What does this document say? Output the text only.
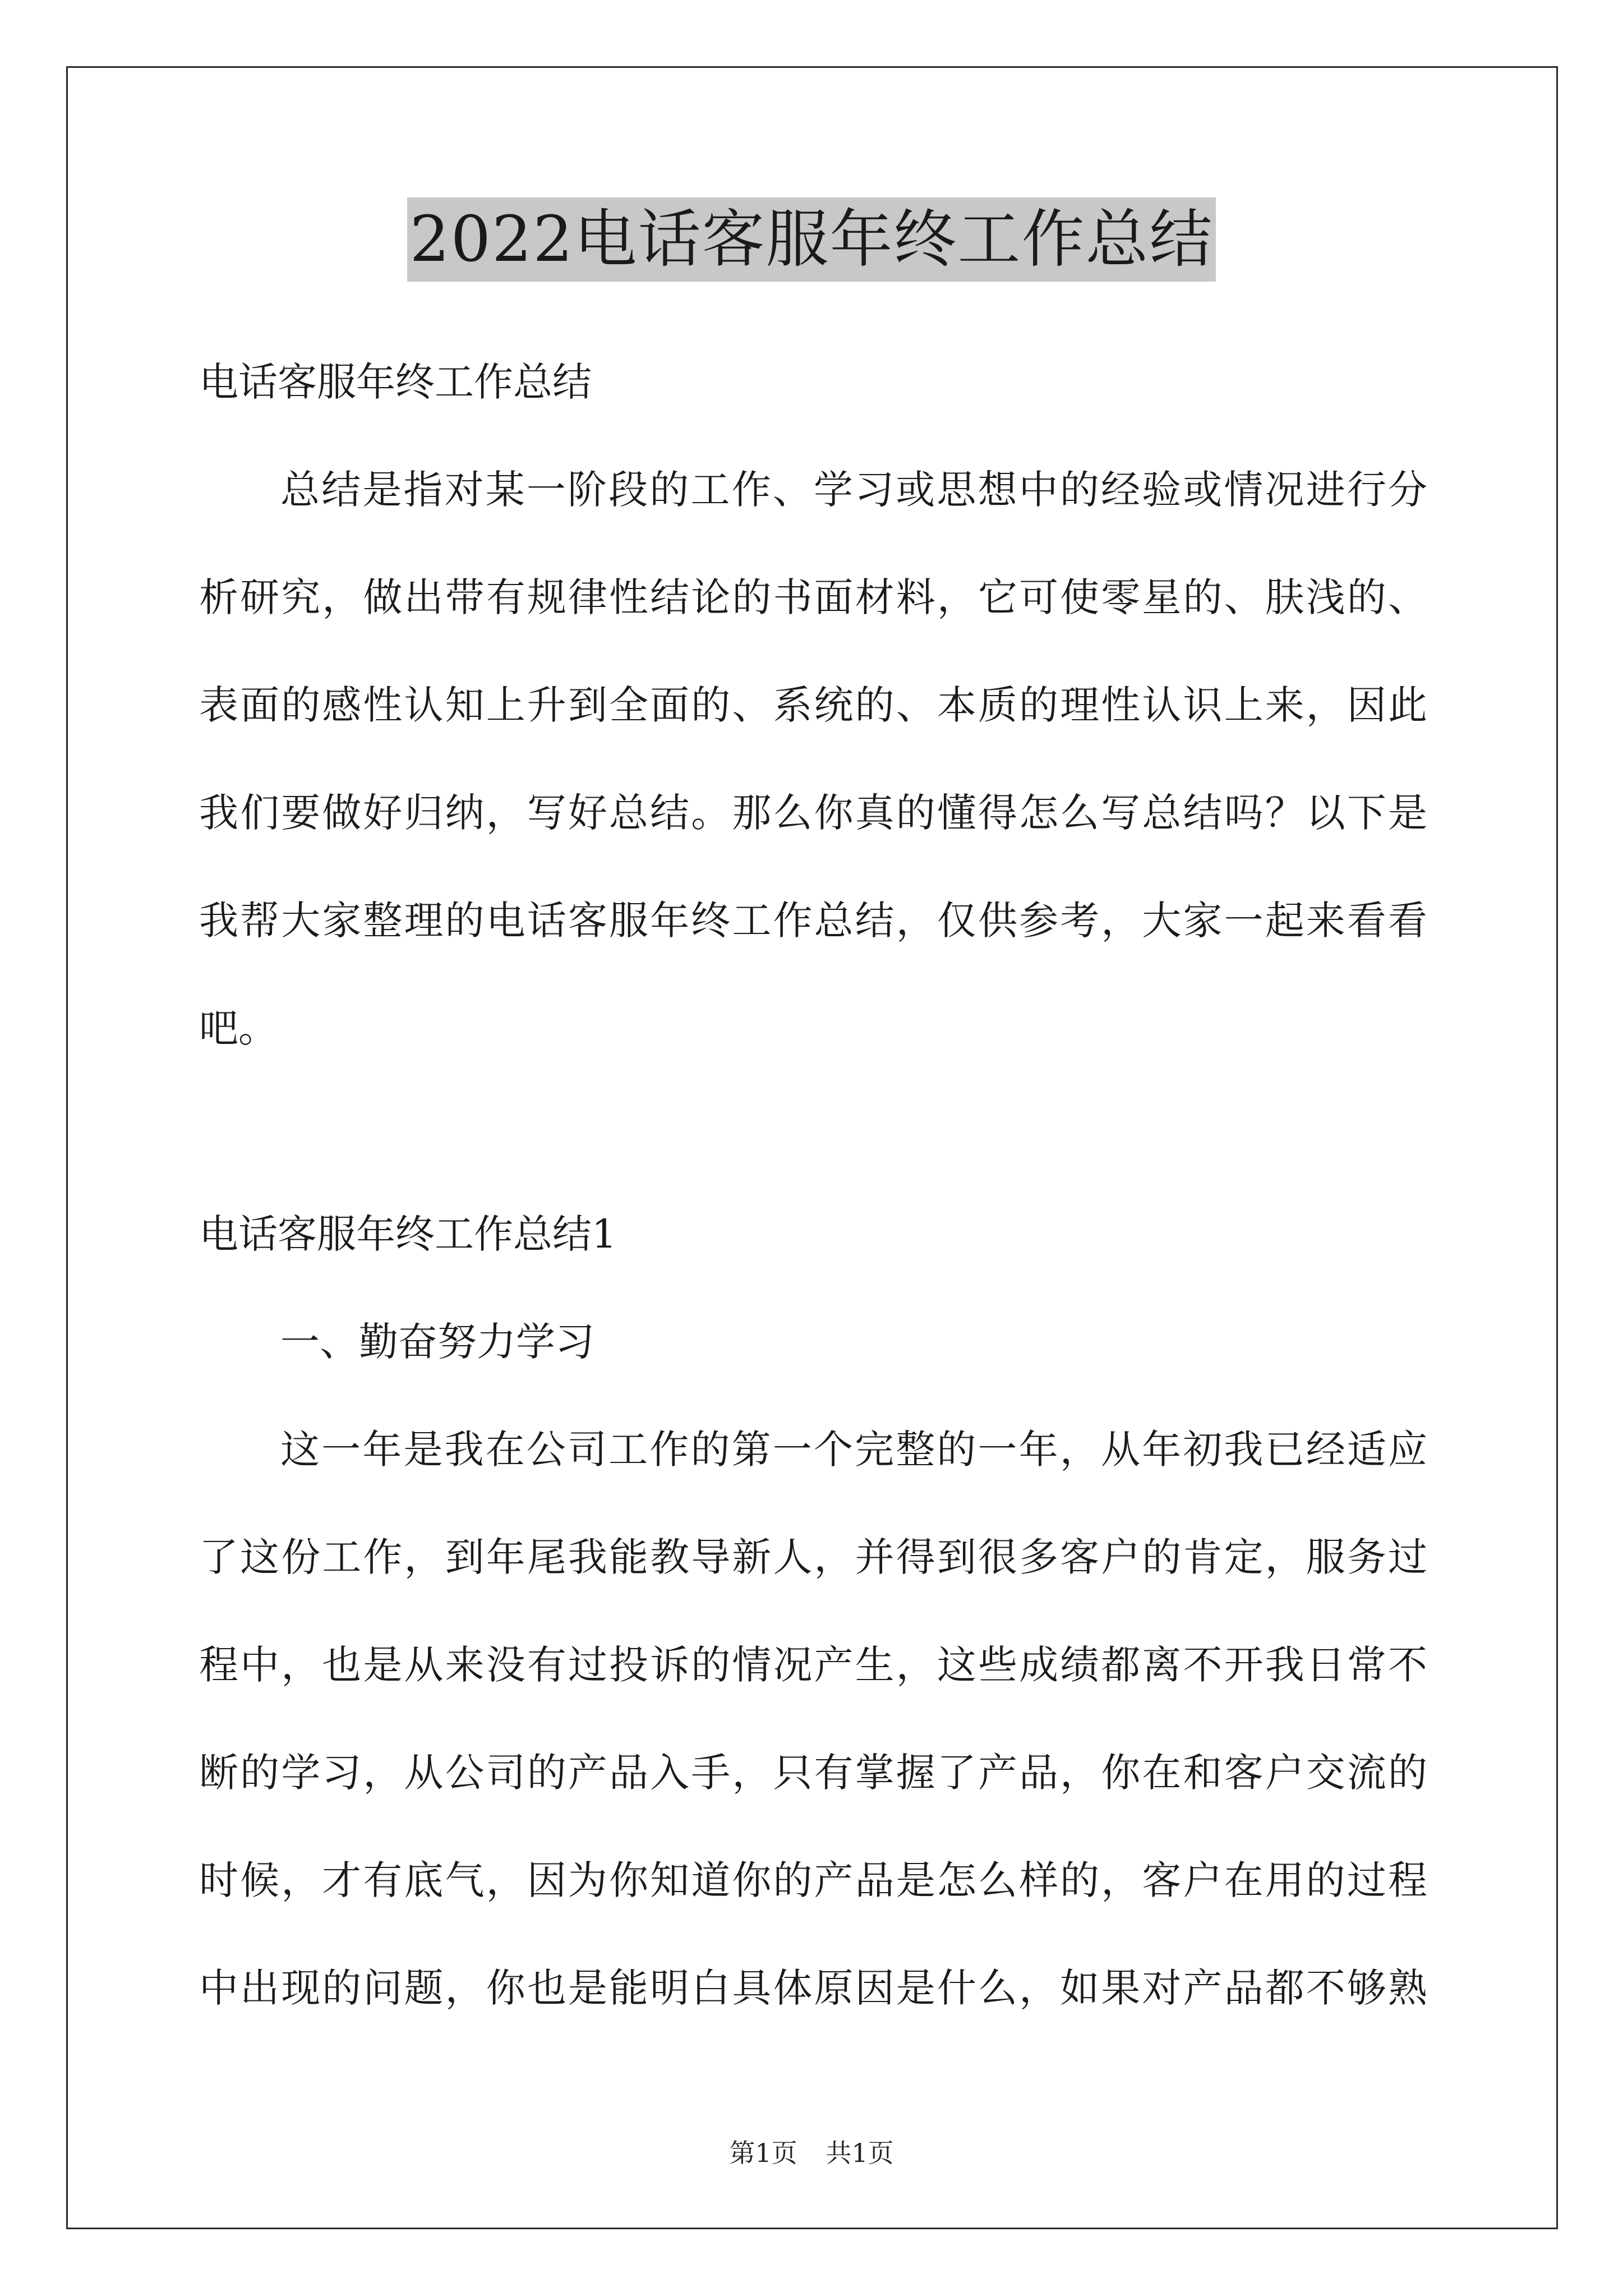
2022电话客服年终工作总结
电话客服年终工作总结
总结是指对某一阶段的工作、学习或思想中的经验或情况进行分
析研究，做出带有规律性结论的书面材料，它可使零星的、肤浅的、
表面的感性认知上升到全面的、系统的、本质的理性认识上来，因此
我们要做好归纳，写好总结。那么你真的懂得怎么写总结吗？以下是
我帮大家整理的电话客服年终工作总结，仅供参考，大家一起来看看
吧。
电话客服年终工作总结1
一、勤奋努力学习
这一年是我在公司工作的第一个完整的一年，从年初我已经适应
了这份工作，到年尾我能教导新人，并得到很多客户的肯定，服务过
程中，也是从来没有过投诉的情况产生，这些成绩都离不开我日常不
断的学习，从公司的产品入手，只有掌握了产品，你在和客户交流的
时候，才有底气，因为你知道你的产品是怎么样的，客户在用的过程
中出现的问题，你也是能明白具体原因是什么，如果对产品都不够熟
第1页 共1页
